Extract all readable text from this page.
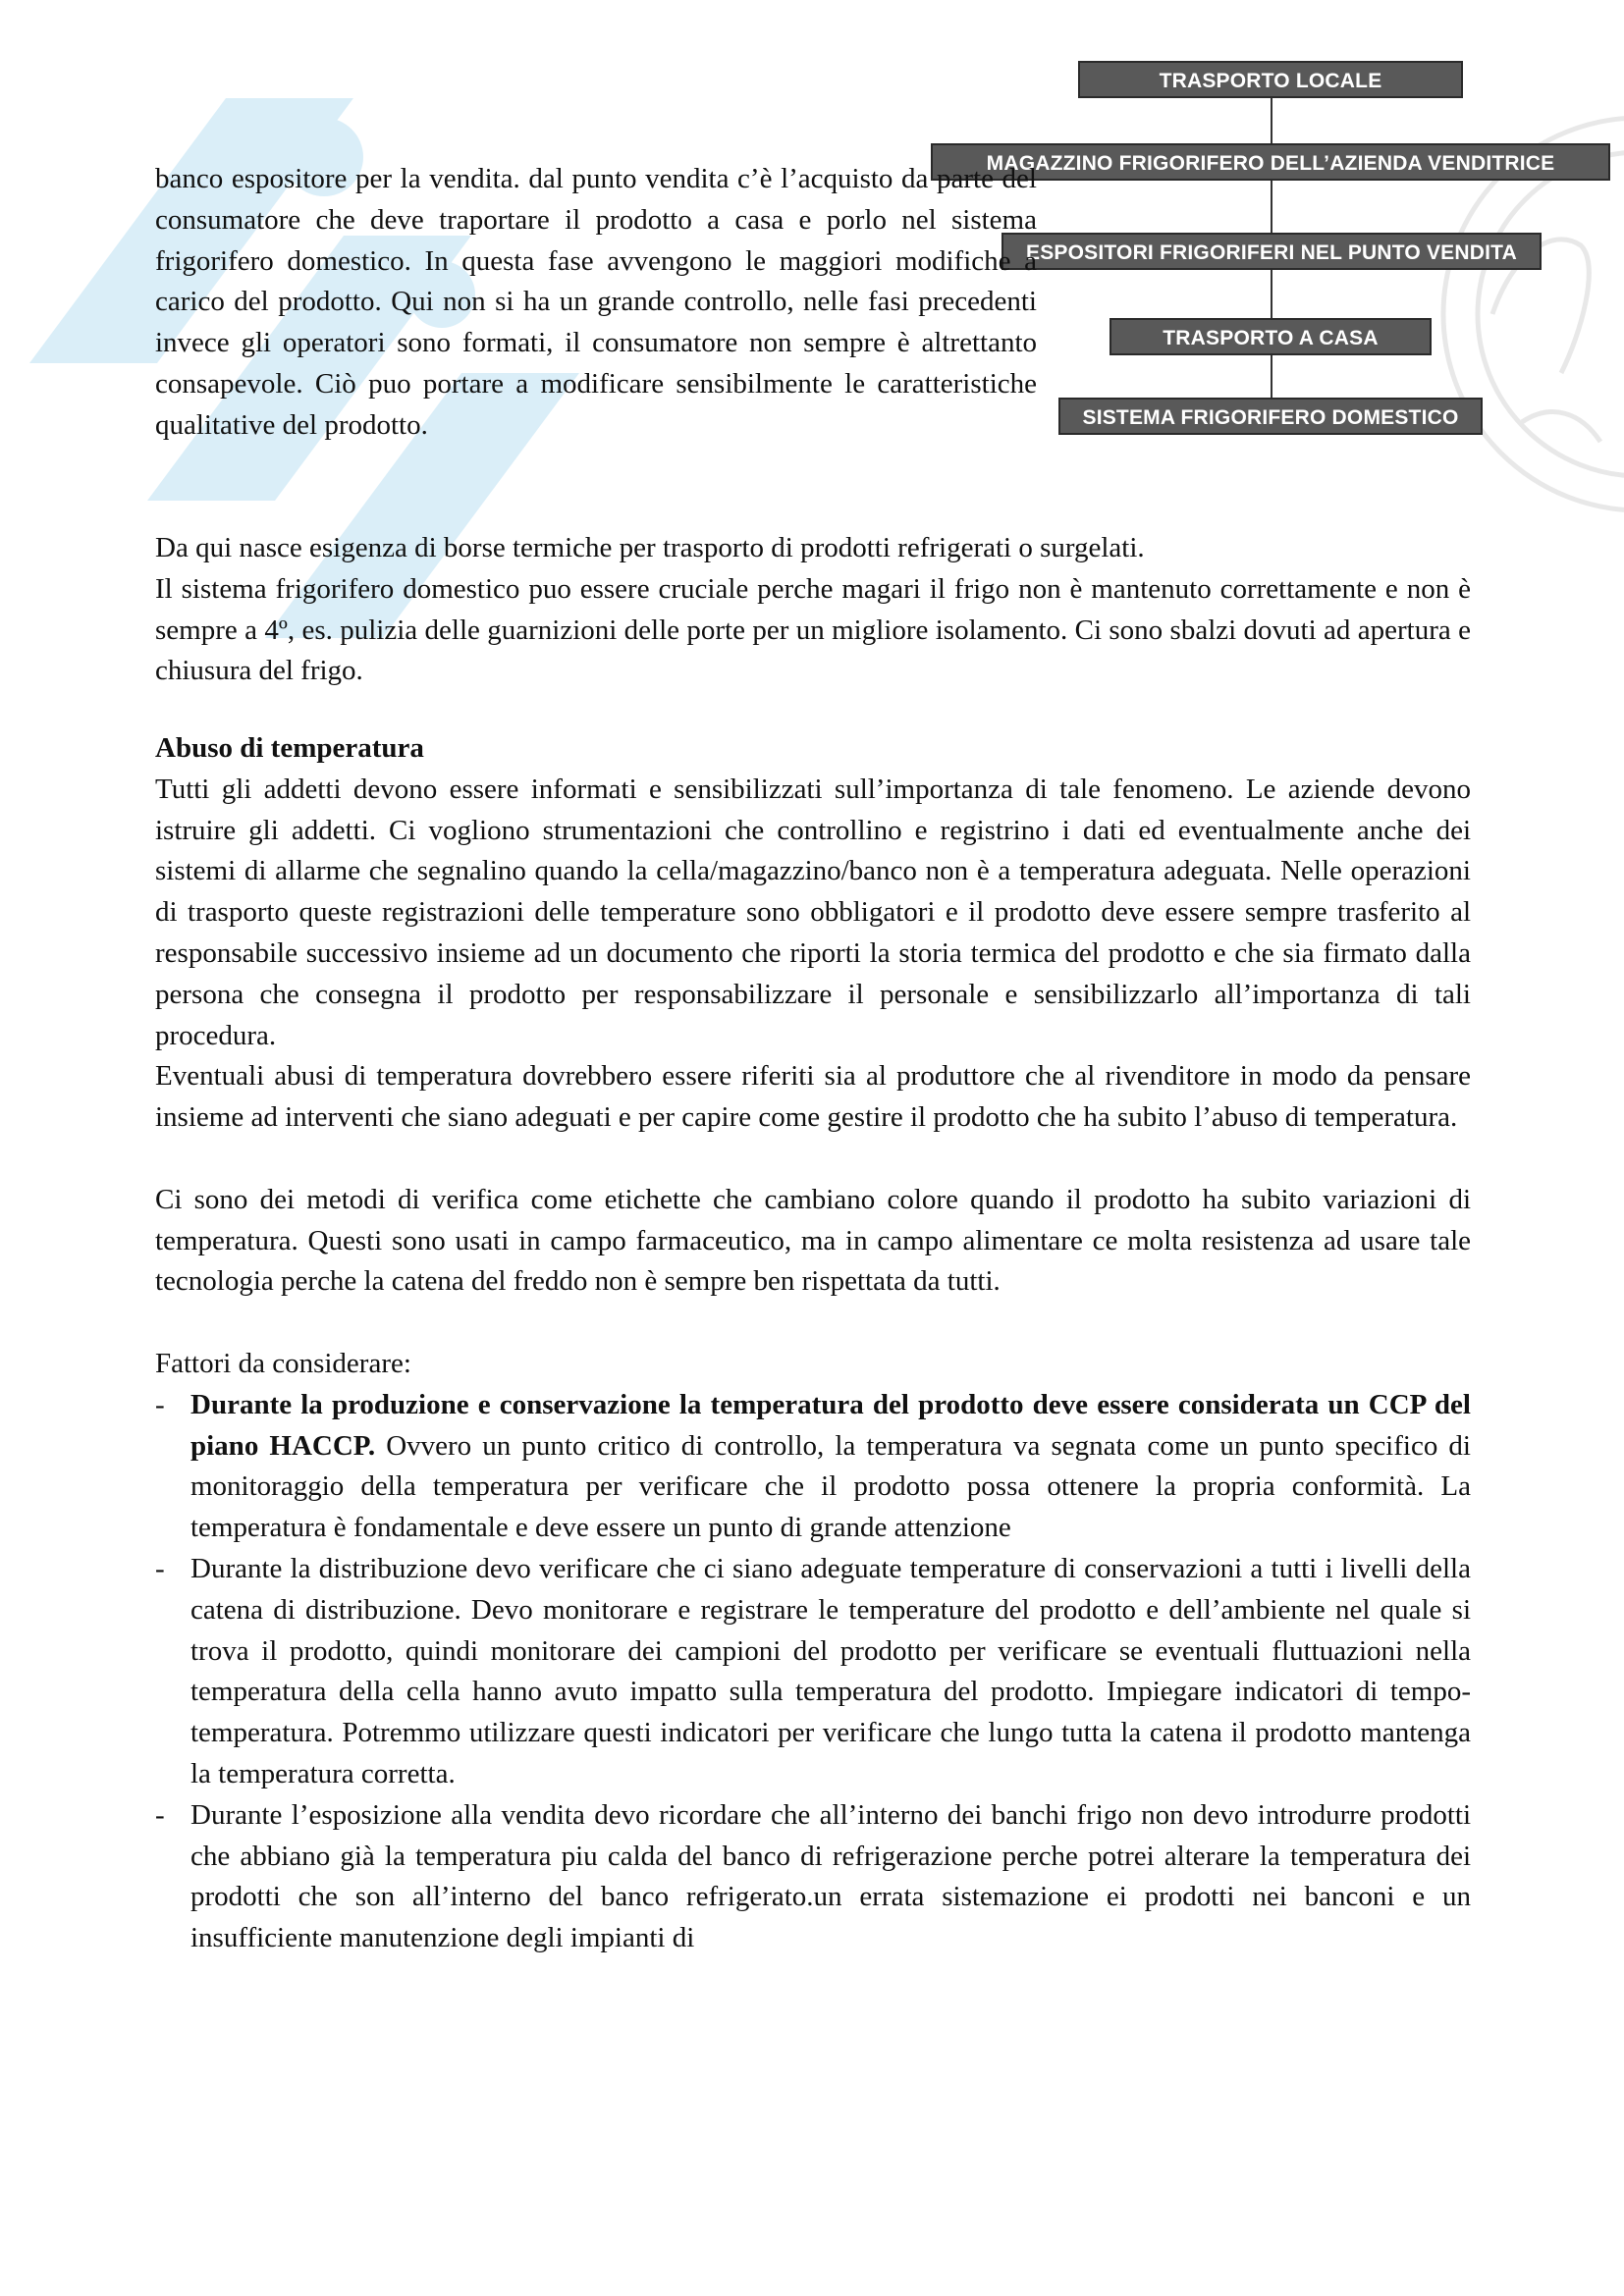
TRASPORTO LOCALE
MAGAZZINO FRIGORIFERO DELL’AZIENDA VENDITRICE
ESPOSITORI FRIGORIFERI NEL PUNTO VENDITA
TRASPORTO A CASA
SISTEMA FRIGORIFERO DOMESTICO

banco espositore per la vendita. dal punto vendita c’è l’acquisto da parte del consumatore che deve traportare il prodotto a casa e porlo nel sistema frigorifero domestico. In questa fase avvengono le maggiori modifiche a carico del prodotto. Qui non si ha un grande controllo, nelle fasi precedenti invece gli operatori sono formati, il consumatore non sempre è altrettanto consapevole. Ciò puo portare a modificare sensibilmente le caratteristiche qualitative del prodotto.

Da qui nasce esigenza di borse termiche per trasporto di prodotti refrigerati o surgelati.

Il sistema frigorifero domestico puo essere cruciale perche magari il frigo non è mantenuto correttamente e non è sempre a 4º, es. pulizia delle guarnizioni delle porte per un migliore isolamento. Ci sono sbalzi dovuti ad apertura e chiusura del frigo.

Abuso di temperatura

Tutti gli addetti devono essere informati e sensibilizzati sull’importanza di tale fenomeno. Le aziende devono istruire gli addetti. Ci vogliono strumentazioni che controllino e registrino i dati ed eventualmente anche dei sistemi di allarme che segnalino quando la cella/magazzino/banco non è a temperatura adeguata. Nelle operazioni di trasporto queste registrazioni delle temperature sono obbligatori e il prodotto deve essere sempre trasferito al responsabile successivo insieme ad un documento che riporti la storia termica del prodotto e che sia firmato dalla persona che consegna il prodotto per responsabilizzare il personale e sensibilizzarlo all’importanza di tali procedura.

Eventuali abusi di temperatura dovrebbero essere riferiti sia al produttore che al rivenditore in modo da pensare insieme ad interventi che siano adeguati e per capire come gestire il prodotto che ha subito l’abuso di temperatura.

Ci sono dei metodi di verifica come etichette che cambiano colore quando il prodotto ha subito variazioni di temperatura. Questi sono usati in campo farmaceutico, ma in campo alimentare ce molta resistenza ad usare tale tecnologia perche la catena del freddo non è sempre ben rispettata da tutti.

Fattori da considerare:

- Durante la produzione e conservazione la temperatura del prodotto deve essere considerata un CCP del piano HACCP. Ovvero un punto critico di controllo, la temperatura va segnata come un punto specifico di monitoraggio della temperatura per verificare che il prodotto possa ottenere la propria conformità. La temperatura è fondamentale e deve essere un punto di grande attenzione
- Durante la distribuzione devo verificare che ci siano adeguate temperature di conservazioni a tutti i livelli della catena di distribuzione. Devo monitorare e registrare le temperature del prodotto e dell’ambiente nel quale si trova il prodotto, quindi monitorare dei campioni del prodotto per verificare se eventuali fluttuazioni nella temperatura della cella hanno avuto impatto sulla temperatura del prodotto. Impiegare indicatori di tempo-temperatura. Potremmo utilizzare questi indicatori per verificare che lungo tutta la catena il prodotto mantenga la temperatura corretta.
- Durante l’esposizione alla vendita devo ricordare che all’interno dei banchi frigo non devo introdurre prodotti che abbiano già la temperatura piu calda del banco di refrigerazione perche potrei alterare la temperatura dei prodotti che son all’interno del banco refrigerato.un errata sistemazione ei prodotti nei banconi e un insufficiente manutenzione degli impianti di
